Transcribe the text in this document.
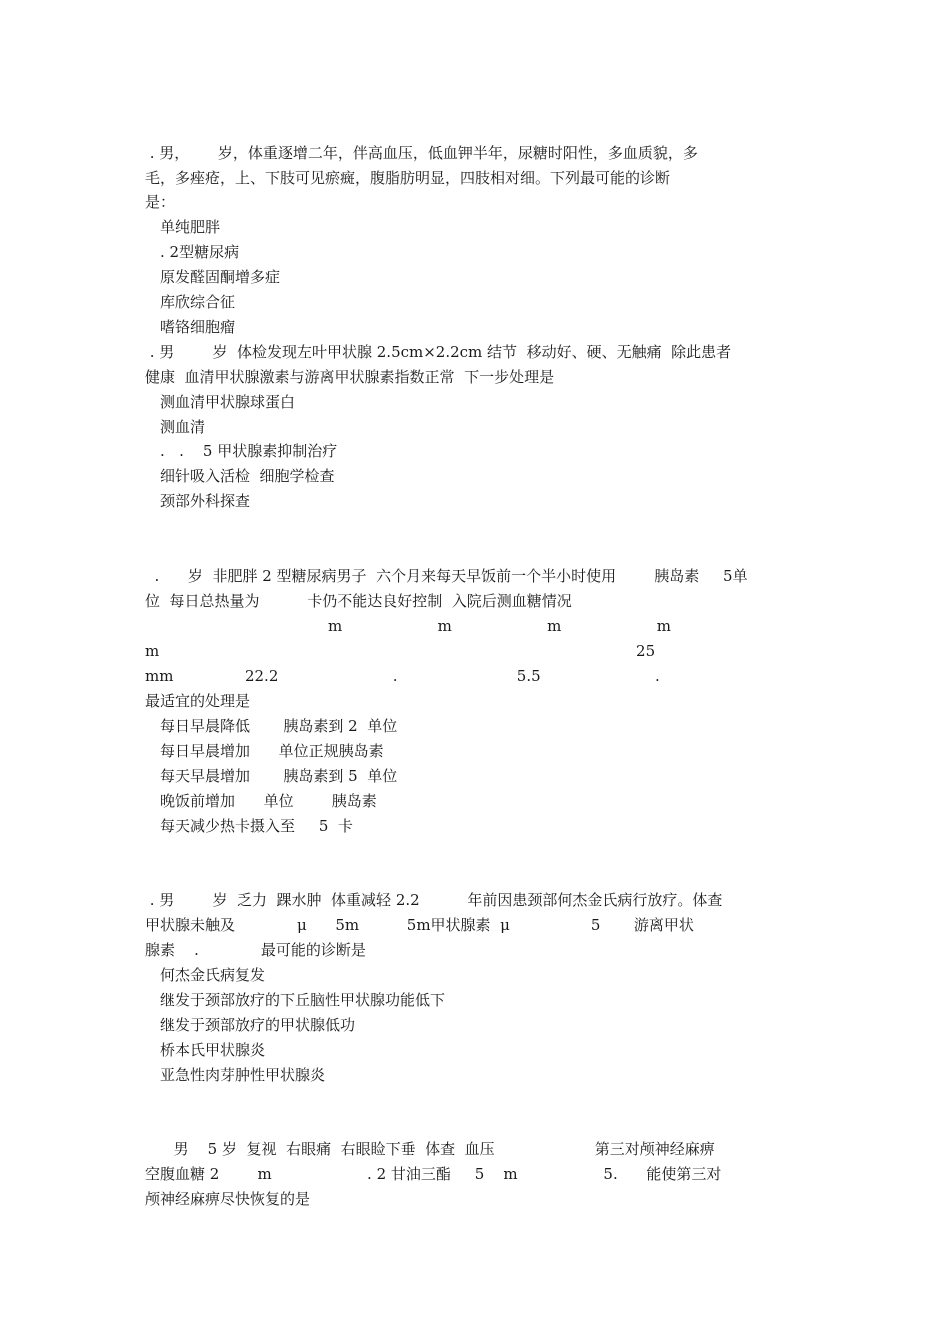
. 男，      岁，体重逐增二年，伴高血压，低血钾半年，尿糖时阳性，多血质貌，多
毛，多痤疮，上、下肢可见瘀癍，腹脂肪明显，四肢相对细。下列最可能的诊断
是：
单纯肥胖
. 2型糖尿病
原发醛固酮增多症
库欣综合征
嗜铬细胞瘤
. 男        岁  体检发现左叶甲状腺 2.5cm×2.2cm 结节  移动好、硬、无触痛  除此患者
健康  血清甲状腺激素与游离甲状腺素指数正常  下一步处理是
测血清甲状腺球蛋白
测血清
.   .    5 甲状腺素抑制治疗
细针吸入活检  细胞学检查
颈部外科探查
.      岁  非肥胖 2 型糖尿病男子  六个月来每天早饭前一个半小时使用        胰岛素     5单
位  每日总热量为          卡仍不能达良好控制  入院后测血糖情况
m                    m                    m                    m
m                                                                                                    25
mm               22.2                        .                         5.5                        .
最适宜的处理是
每日早晨降低       胰岛素到 2  单位
每日早晨增加      单位正规胰岛素
每天早晨增加       胰岛素到 5  单位
晚饭前增加      单位        胰岛素
每天减少热卡摄入至     5  卡
. 男        岁  乏力  踝水肿  体重减轻 2.2          年前因患颈部何杰金氏病行放疗。体查
甲状腺未触及             μ      5m          5m甲状腺素  μ                 5       游离甲状
腺素    .             最可能的诊断是
何杰金氏病复发
继发于颈部放疗的下丘脑性甲状腺功能低下
继发于颈部放疗的甲状腺低功
桥本氏甲状腺炎
亚急性肉芽肿性甲状腺炎
男    5 岁  复视  右眼痛  右眼睑下垂  体查  血压                     第三对颅神经麻痹
空腹血糖 2        m                    . 2 甘油三酯     5    m                  5.      能使第三对
颅神经麻痹尽快恢复的是
